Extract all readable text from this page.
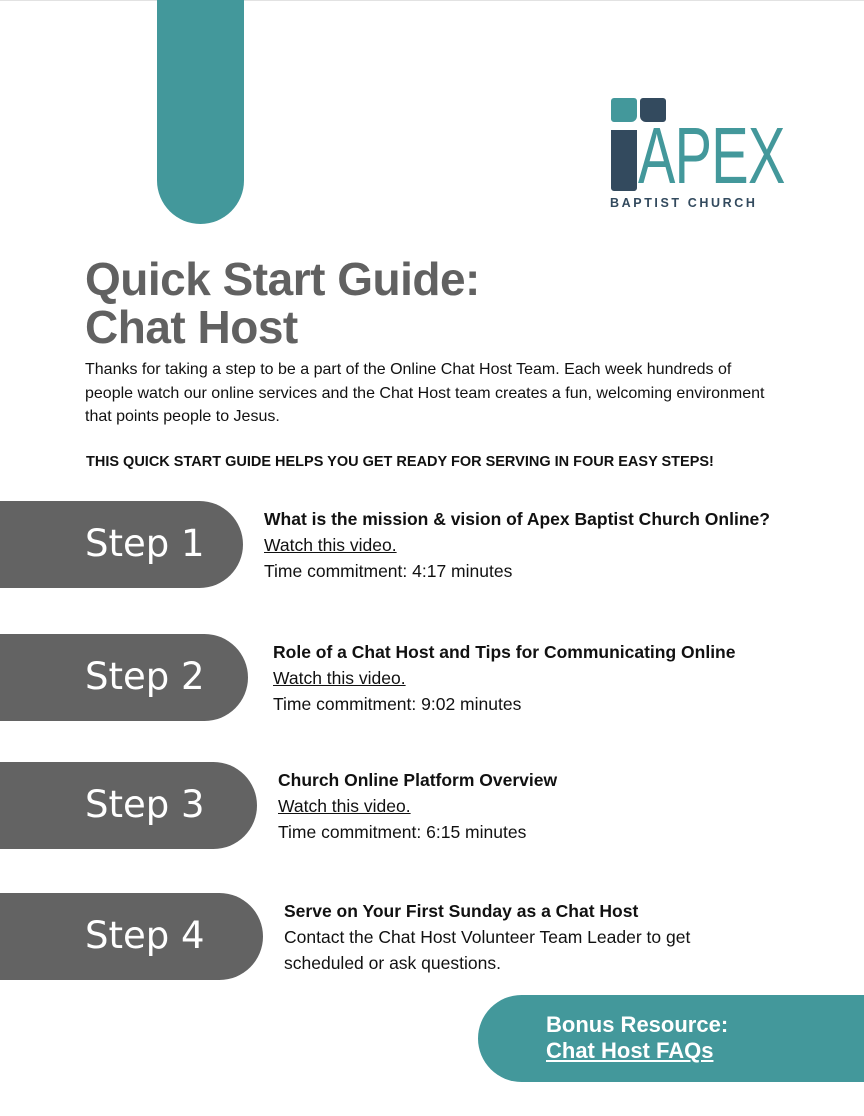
APEX
BAPTIST CHURCH
Quick Start Guide:
Chat Host

Thanks for taking a step to be a part of the Online Chat Host Team. Each week hundreds of people watch our online services and the Chat Host team creates a fun, welcoming environment that points people to Jesus.

THIS QUICK START GUIDE HELPS YOU GET READY FOR SERVING IN FOUR EASY STEPS!

Step 1
What is the mission & vision of Apex Baptist Church Online?
Watch this video.
Time commitment: 4:17 minutes
Step 2
Role of a Chat Host and Tips for Communicating Online
Watch this video.
Time commitment: 9:02 minutes
Step 3
Church Online Platform Overview
Watch this video.
Time commitment: 6:15 minutes
Step 4
Serve on Your First Sunday as a Chat Host
Contact the Chat Host Volunteer Team Leader to get scheduled or ask questions.
Bonus Resource:
Chat Host FAQs
